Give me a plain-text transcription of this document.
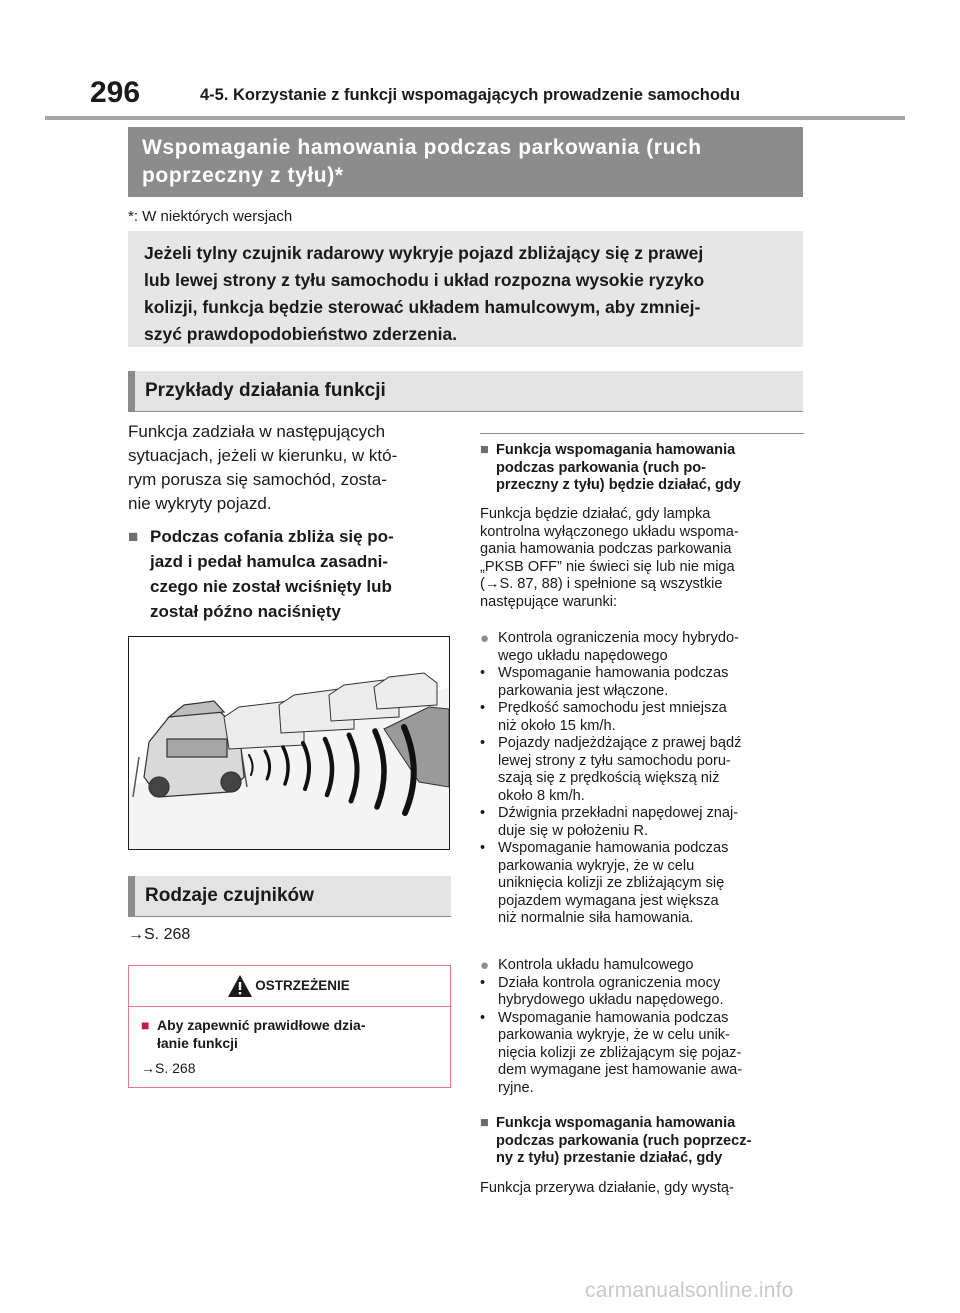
296	4-5. Korzystanie z funkcji wspomagających prowadzenie samochodu
Wspomaganie hamowania podczas parkowania (ruch
poprzeczny z tyłu)*
*: W niektórych wersjach
Jeżeli tylny czujnik radarowy wykryje pojazd zbliżający się z prawej
lub lewej strony z tyłu samochodu i układ rozpozna wysokie ryzyko
kolizji, funkcja będzie sterować układem hamulcowym, aby zmniej-
szyć prawdopodobieństwo zderzenia.
Przykłady działania funkcji
Funkcja zadziała w następujących
sytuacjach, jeżeli w kierunku, w któ-
rym porusza się samochód, zosta-
nie wykryty pojazd.
■ Podczas cofania zbliża się po-
jazd i pedał hamulca zasadni-
czego nie został wciśnięty lub
został późno naciśnięty
Rodzaje czujników
→S. 268
OSTRZEŻENIE
■ Aby zapewnić prawidłowe dzia-
łanie funkcji
→S. 268
■ Funkcja wspomagania hamowania
podczas parkowania (ruch po-
przeczny z tyłu) będzie działać, gdy
Funkcja będzie działać, gdy lampka
kontrolna wyłączonego układu wspoma-
gania hamowania podczas parkowania
„PKSB OFF” nie świeci się lub nie miga
(→S. 87, 88) i spełnione są wszystkie
następujące warunki:
● Kontrola ograniczenia mocy hybrydo-
wego układu napędowego
• Wspomaganie hamowania podczas
parkowania jest włączone.
• Prędkość samochodu jest mniejsza
niż około 15 km/h.
• Pojazdy nadjeżdżające z prawej bądź
lewej strony z tyłu samochodu poru-
szają się z prędkością większą niż
około 8 km/h.
• Dźwignia przekładni napędowej znaj-
duje się w położeniu R.
• Wspomaganie hamowania podczas
parkowania wykryje, że w celu
uniknięcia kolizji ze zbliżającym się
pojazdem wymagana jest większa
niż normalnie siła hamowania.
● Kontrola układu hamulcowego
• Działa kontrola ograniczenia mocy
hybrydowego układu napędowego.
• Wspomaganie hamowania podczas
parkowania wykryje, że w celu unik-
nięcia kolizji ze zbliżającym się pojaz-
dem wymagane jest hamowanie awa-
ryjne.
■ Funkcja wspomagania hamowania
podczas parkowania (ruch poprzecz-
ny z tyłu) przestanie działać, gdy
Funkcja przerywa działanie, gdy wystą-
carmanualsonline.info
